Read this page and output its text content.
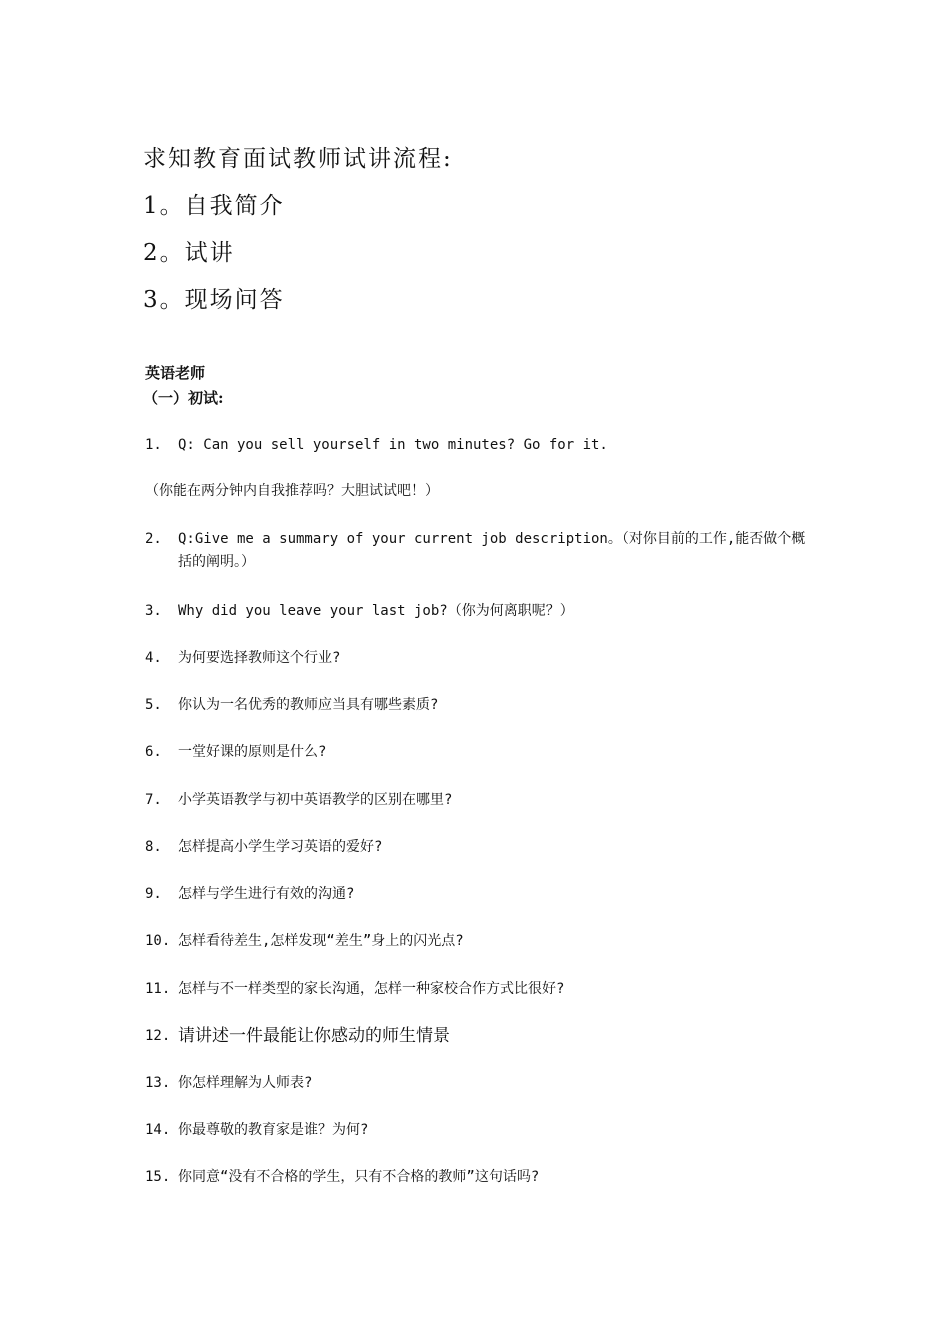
求知教育面试教师试讲流程:
1。自我简介
2。试讲
3。现场问答
英语老师
（一）初试:
1. Q: Can you sell yourself in two minutes? Go for it.
（你能在两分钟内自我推荐吗？大胆试试吧！）
2. Q:Give me a summary of your current job description。（对你目前的工作,能否做个概括的阐明。）
3. Why did you leave your last job?（你为何离职呢？）
4. 为何要选择教师这个行业?
5. 你认为一名优秀的教师应当具有哪些素质?
6. 一堂好课的原则是什么?
7. 小学英语教学与初中英语教学的区别在哪里?
8. 怎样提高小学生学习英语的爱好?
9. 怎样与学生进行有效的沟通?
10. 怎样看待差生,怎样发现“差生”身上的闪光点?
11. 怎样与不一样类型的家长沟通，怎样一种家校合作方式比很好?
12. 请讲述一件最能让你感动的师生情景
13. 你怎样理解为人师表?
14. 你最尊敬的教育家是谁？为何?
15. 你同意“没有不合格的学生，只有不合格的教师”这句话吗?
